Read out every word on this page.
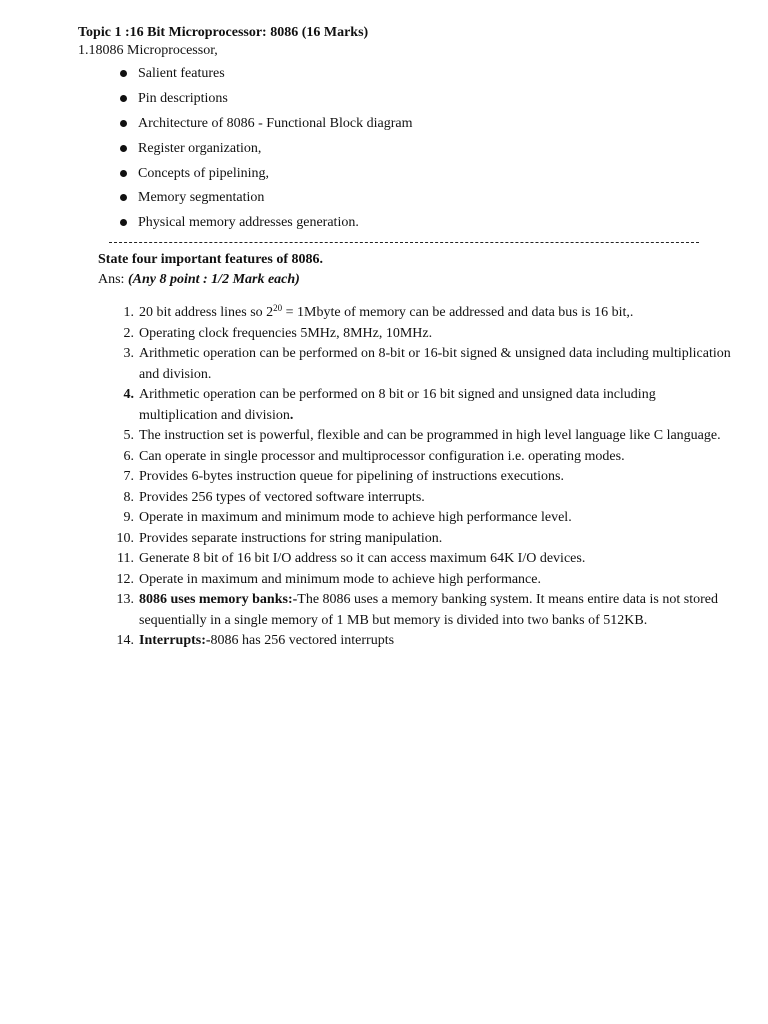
Topic 1 :16 Bit Microprocessor: 8086 (16 Marks)
1.18086 Microprocessor,
Salient features
Pin descriptions
Architecture of 8086 - Functional Block diagram
Register organization,
Concepts of pipelining,
Memory segmentation
Physical memory addresses generation.
State four important features of 8086.
Ans: (Any 8 point : 1/2 Mark each)
1. 20 bit address lines so $2^{20}$ = 1Mbyte of memory can be addressed and data bus is 16 bit,.
2. Operating clock frequencies 5MHz, 8MHz, 10MHz.
3. Arithmetic operation can be performed on 8-bit or 16-bit signed & unsigned data including multiplication and division.
4. Arithmetic operation can be performed on 8 bit or 16 bit signed and unsigned data including multiplication and division.
5. The instruction set is powerful, flexible and can be programmed in high level language like C language.
6. Can operate in single processor and multiprocessor configuration i.e. operating modes.
7. Provides 6-bytes instruction queue for pipelining of instructions executions.
8. Provides 256 types of vectored software interrupts.
9. Operate in maximum and minimum mode to achieve high performance level.
10. Provides separate instructions for string manipulation.
11. Generate 8 bit of 16 bit I/O address so it can access maximum 64K I/O devices.
12. Operate in maximum and minimum mode to achieve high performance.
13. 8086 uses memory banks:-The 8086 uses a memory banking system. It means entire data is not stored sequentially in a single memory of 1 MB but memory is divided into two banks of 512KB.
14. Interrupts:-8086 has 256 vectored interrupts
